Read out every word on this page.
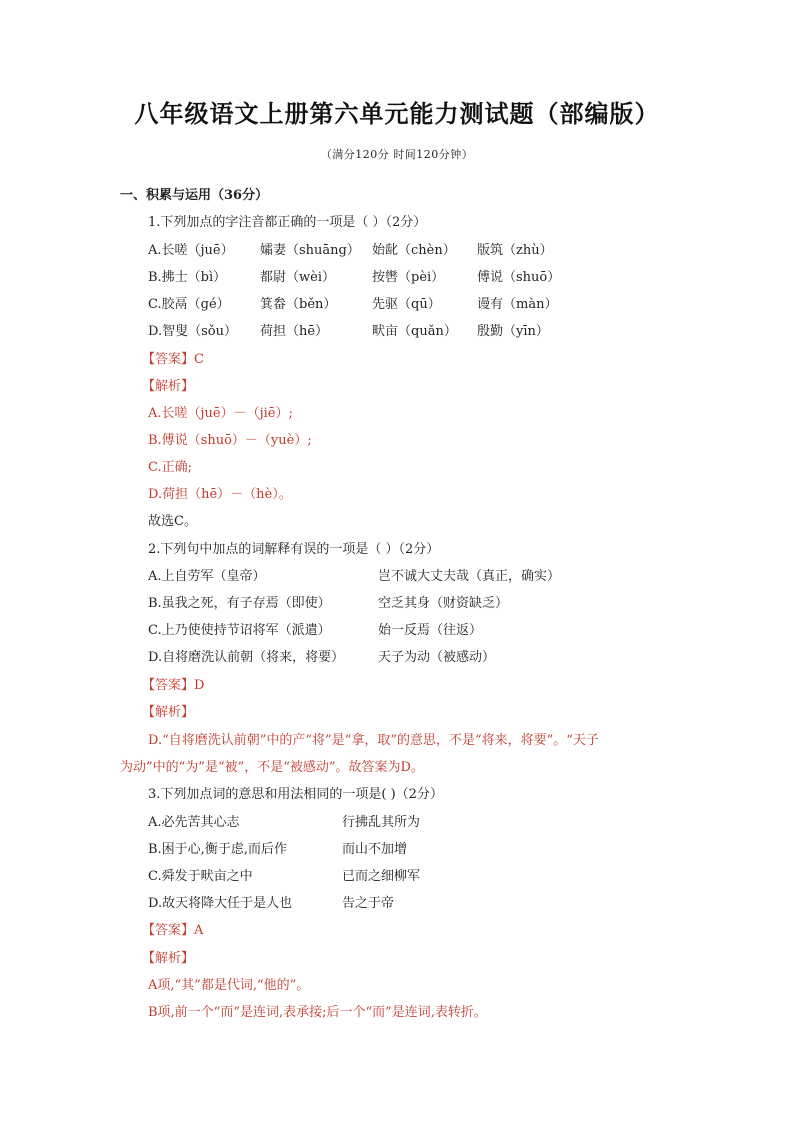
八年级语文上册第六单元能力测试题（部编版）
（满分120分 时间120分钟）
一、积累与运用（36分）
1.下列加点的字注音都正确的一项是（ ）（2分）
A.长嗟（juē） 孀妻（shuāng） 始龀（chèn） 版筑（zhù）
B.拂士（bì）	都尉（wèi）	按辔（pèi）	傅说（shuō）
C.胶鬲（gé） 箕畚（běn）	先驱（qū）	谩有（màn）
D.智叟（sǒu） 荷担（hē）	畎亩（quǎn） 殷勤（yīn）
【答案】C
【解析】
A.长嗟（juē）－（jiē）;
B.傅说（shuō）－（yuè）;
C.正确;
D.荷担（hē）－（hè）。
故选C。
2.下列句中加点的词解释有误的一项是（ ）（2分）
A.上自劳军（皇帝）	岂不诚大丈夫哉（真正，确实）
B.虽我之死，有子存焉（即使）	空乏其身（财资缺乏）
C.上乃使使持节诏将军（派遣）	始一反焉（往返）
D.自将磨洗认前朝（将来，将要）	天子为动（被感动）
【答案】D
【解析】
D.“自将磨洗认前朝”中的产“将”是“拿，取”的意思，不是“将来，将要”。“天子
为动”中的“为”是“被”，不是“被感动”。故答案为D。
3.下列加点词的意思和用法相同的一项是( )（2分）
A.必先苦其心志	行拂乱其所为
B.困于心,衡于虑,而后作	而山不加增
C.舜发于畎亩之中	已而之细柳军
D.故天将降大任于是人也	告之于帝
【答案】A
【解析】
A项,“其”都是代词,“他的”。
B项,前一个“而”是连词,表承接;后一个“而”是连词,表转折。
